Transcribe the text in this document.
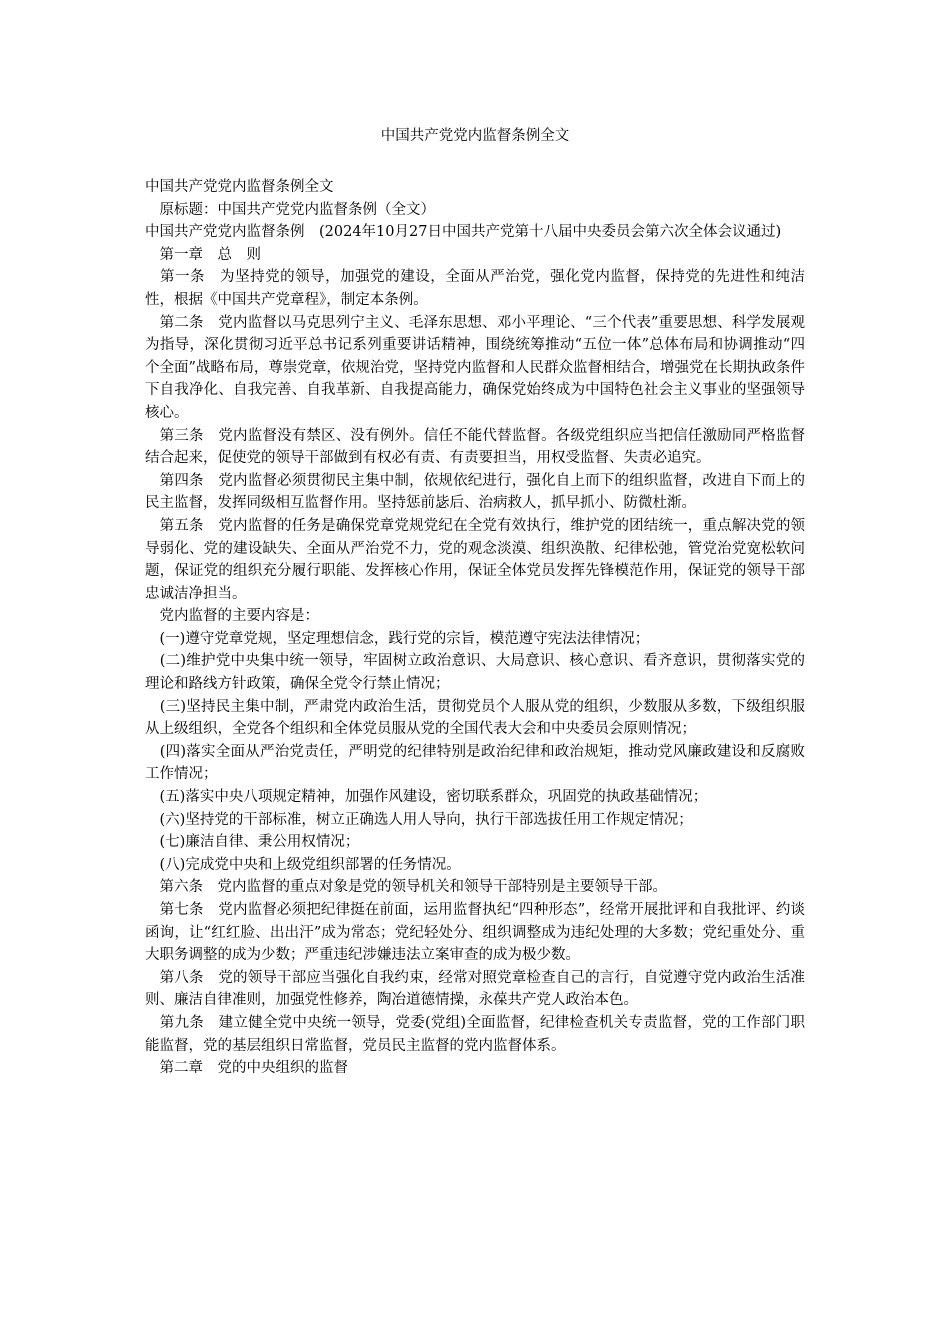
中国共产党党内监督条例全文

中国共产党党内监督条例全文

　原标题：中国共产党党内监督条例（全文）

中国共产党党内监督条例　(2024年10月27日中国共产党第十八届中央委员会第六次全体会议通过)

　第一章　总　则

　第一条　为坚持党的领导，加强党的建设，全面从严治党，强化党内监督，保持党的先进性和纯洁性，根据《中国共产党章程》，制定本条例。

　第二条　党内监督以马克思列宁主义、毛泽东思想、邓小平理论、“三个代表”重要思想、科学发展观为指导，深化贯彻习近平总书记系列重要讲话精神，围绕统筹推动“五位一体”总体布局和协调推动“四个全面”战略布局，尊崇党章，依规治党，坚持党内监督和人民群众监督相结合，增强党在长期执政条件下自我净化、自我完善、自我革新、自我提高能力，确保党始终成为中国特色社会主义事业的坚强领导核心。

　第三条　党内监督没有禁区、没有例外。信任不能代替监督。各级党组织应当把信任激励同严格监督结合起来，促使党的领导干部做到有权必有责、有责要担当，用权受监督、失责必追究。

　第四条　党内监督必须贯彻民主集中制，依规依纪进行，强化自上而下的组织监督，改进自下而上的民主监督，发挥同级相互监督作用。坚持惩前毖后、治病救人，抓早抓小、防微杜渐。

　第五条　党内监督的任务是确保党章党规党纪在全党有效执行，维护党的团结统一，重点解决党的领导弱化、党的建设缺失、全面从严治党不力，党的观念淡漠、组织涣散、纪律松弛，管党治党宽松软问题，保证党的组织充分履行职能、发挥核心作用，保证全体党员发挥先锋模范作用，保证党的领导干部忠诚洁净担当。

　党内监督的主要内容是：

　(一)遵守党章党规，坚定理想信念，践行党的宗旨，模范遵守宪法法律情况；

　(二)维护党中央集中统一领导，牢固树立政治意识、大局意识、核心意识、看齐意识，贯彻落实党的理论和路线方针政策，确保全党令行禁止情况；

　(三)坚持民主集中制，严肃党内政治生活，贯彻党员个人服从党的组织，少数服从多数，下级组织服从上级组织，全党各个组织和全体党员服从党的全国代表大会和中央委员会原则情况；

　(四)落实全面从严治党责任，严明党的纪律特别是政治纪律和政治规矩，推动党风廉政建设和反腐败工作情况；

　(五)落实中央八项规定精神，加强作风建设，密切联系群众，巩固党的执政基础情况；

　(六)坚持党的干部标准，树立正确选人用人导向，执行干部选拔任用工作规定情况；

　(七)廉洁自律、秉公用权情况；

　(八)完成党中央和上级党组织部署的任务情况。

　第六条　党内监督的重点对象是党的领导机关和领导干部特别是主要领导干部。

　第七条　党内监督必须把纪律挺在前面，运用监督执纪“四种形态”，经常开展批评和自我批评、约谈函询，让“红红脸、出出汗”成为常态；党纪轻处分、组织调整成为违纪处理的大多数；党纪重处分、重大职务调整的成为少数；严重违纪涉嫌违法立案审查的成为极少数。

　第八条　党的领导干部应当强化自我约束，经常对照党章检查自己的言行，自觉遵守党内政治生活准则、廉洁自律准则，加强党性修养，陶冶道德情操，永葆共产党人政治本色。

　第九条　建立健全党中央统一领导，党委(党组)全面监督，纪律检查机关专责监督，党的工作部门职能监督，党的基层组织日常监督，党员民主监督的党内监督体系。

　第二章　党的中央组织的监督
